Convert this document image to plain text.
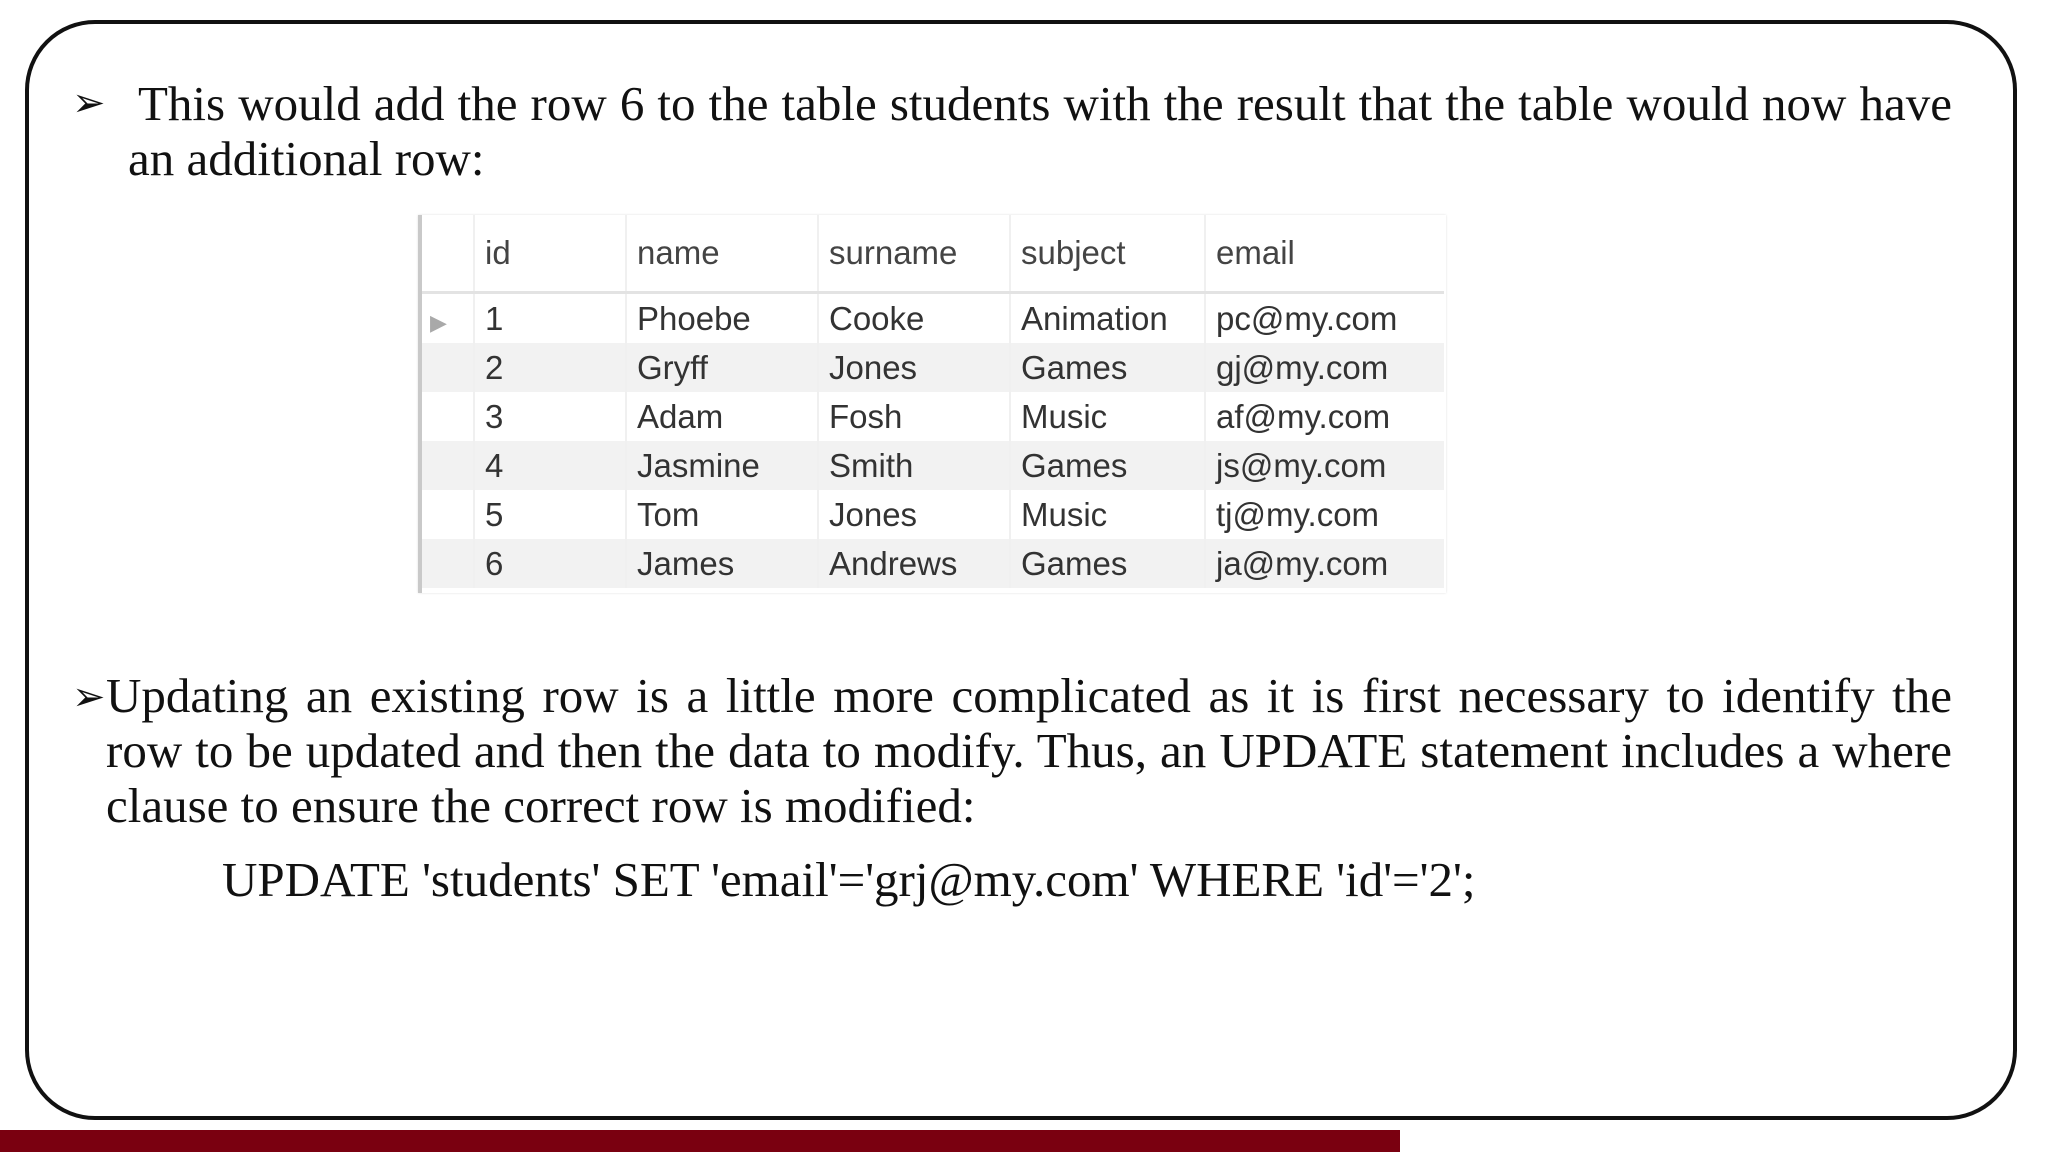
➢ This would add the row 6 to the table students with the result that the table would now have an additional row:
	id	name	surname	subject	email
▶	1	Phoebe	Cooke	Animation	pc@my.com
	2	Gryff	Jones	Games	gj@my.com
	3	Adam	Fosh	Music	af@my.com
	4	Jasmine	Smith	Games	js@my.com
	5	Tom	Jones	Music	tj@my.com
	6	James	Andrews	Games	ja@my.com
➢ Updating an existing row is a little more complicated as it is first necessary to identify the row to be updated and then the data to modify. Thus, an UPDATE statement includes a where clause to ensure the correct row is modified:
UPDATE 'students' SET 'email'='grj@my.com' WHERE 'id'='2';
